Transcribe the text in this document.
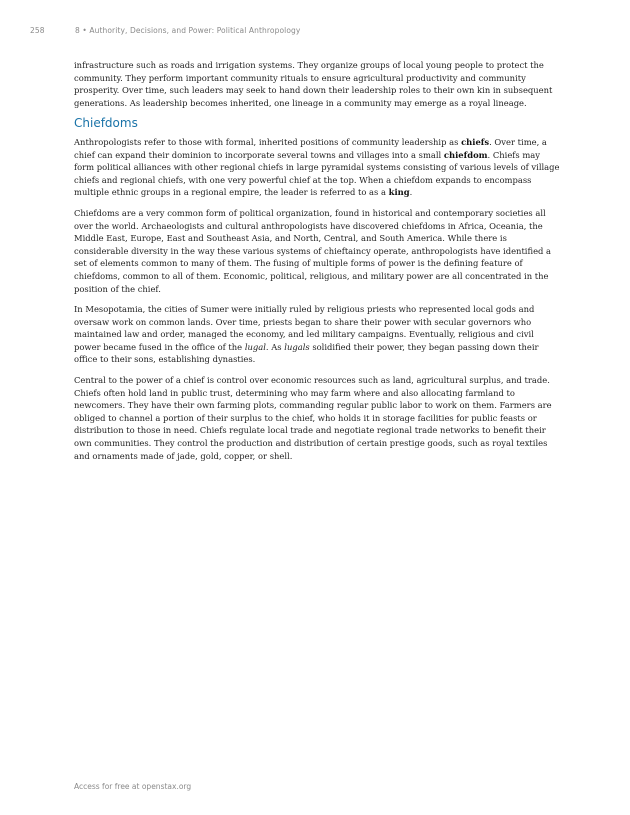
258	8 • Authority, Decisions, and Power: Political Anthropology

infrastructure such as roads and irrigation systems. They organize groups of local young people to protect the community. They perform important community rituals to ensure agricultural productivity and community prosperity. Over time, such leaders may seek to hand down their leadership roles to their own kin in subsequent generations. As leadership becomes inherited, one lineage in a community may emerge as a royal lineage.

Chiefdoms

Anthropologists refer to those with formal, inherited positions of community leadership as chiefs. Over time, a chief can expand their dominion to incorporate several towns and villages into a small chiefdom. Chiefs may form political alliances with other regional chiefs in large pyramidal systems consisting of various levels of village chiefs and regional chiefs, with one very powerful chief at the top. When a chiefdom expands to encompass multiple ethnic groups in a regional empire, the leader is referred to as a king.

Chiefdoms are a very common form of political organization, found in historical and contemporary societies all over the world. Archaeologists and cultural anthropologists have discovered chiefdoms in Africa, Oceania, the Middle East, Europe, East and Southeast Asia, and North, Central, and South America. While there is considerable diversity in the way these various systems of chieftaincy operate, anthropologists have identified a set of elements common to many of them. The fusing of multiple forms of power is the defining feature of chiefdoms, common to all of them. Economic, political, religious, and military power are all concentrated in the position of the chief.

In Mesopotamia, the cities of Sumer were initially ruled by religious priests who represented local gods and oversaw work on common lands. Over time, priests began to share their power with secular governors who maintained law and order, managed the economy, and led military campaigns. Eventually, religious and civil power became fused in the office of the lugal. As lugals solidified their power, they began passing down their office to their sons, establishing dynasties.

Central to the power of a chief is control over economic resources such as land, agricultural surplus, and trade. Chiefs often hold land in public trust, determining who may farm where and also allocating farmland to newcomers. They have their own farming plots, commanding regular public labor to work on them. Farmers are obliged to channel a portion of their surplus to the chief, who holds it in storage facilities for public feasts or distribution to those in need. Chiefs regulate local trade and negotiate regional trade networks to benefit their own communities. They control the production and distribution of certain prestige goods, such as royal textiles and ornaments made of jade, gold, copper, or shell.

Access for free at openstax.org
